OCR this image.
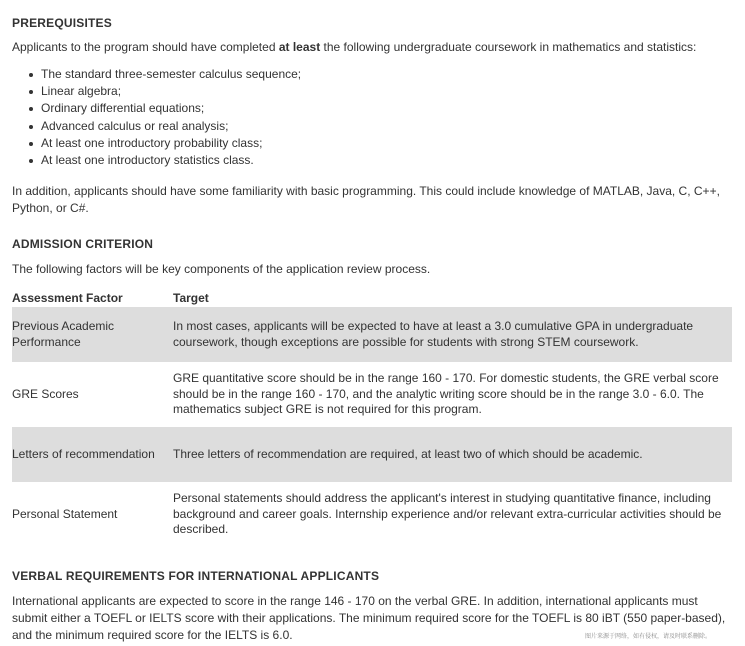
PREREQUISITES

Applicants to the program should have completed at least the following undergraduate coursework in mathematics and statistics:

The standard three-semester calculus sequence;
Linear algebra;
Ordinary differential equations;
Advanced calculus or real analysis;
At least one introductory probability class;
At least one introductory statistics class.

In addition, applicants should have some familiarity with basic programming. This could include knowledge of MATLAB, Java, C, C++, Python, or C#.

ADMISSION CRITERION

The following factors will be key components of the application review process.

Assessment Factor	Target
Previous Academic Performance	In most cases, applicants will be expected to have at least a 3.0 cumulative GPA in undergraduate coursework, though exceptions are possible for students with strong STEM coursework.
GRE Scores	GRE quantitative score should be in the range 160 - 170. For domestic students, the GRE verbal score should be in the range 160 - 170, and the analytic writing score should be in the range 3.0 - 6.0. The mathematics subject GRE is not required for this program.
Letters of recommendation	Three letters of recommendation are required, at least two of which should be academic.
Personal Statement	Personal statements should address the applicant's interest in studying quantitative finance, including background and career goals. Internship experience and/or relevant extra-curricular activities should be described.
VERBAL REQUIREMENTS FOR INTERNATIONAL APPLICANTS

International applicants are expected to score in the range 146 - 170 on the verbal GRE. In addition, international applicants must submit either a TOEFL or IELTS score with their applications. The minimum required score for the TOEFL is 80 iBT (550 paper-based), and the minimum required score for the IELTS is 6.0.	图片来源于网络，如有侵权，请及时联系删除。
